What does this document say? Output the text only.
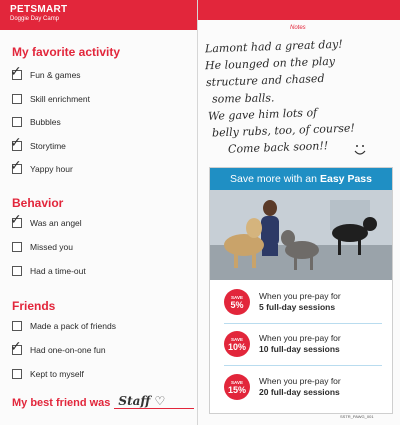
PETSMART
Doggie Day Camp
My favorite activity
✓ Fun & games
Skill enrichment
Bubbles
✓ Storytime
✓ Yappy hour
Behavior
✓ Was an angel
Missed you
Had a time-out
Friends
Made a pack of friends
✓ Had one-on-one fun
Kept to myself
My best friend was Staff ♡
Notes
Lamont had a great day!
He lounged on the play
structure and chased
some balls.
We gave him lots of
belly rubs, too, of course!
Come back soon!!
Save more with an Easy Pass
SAVE
5%
When you pre-pay for
5 full-day sessions
SAVE
10%
When you pre-pay for
10 full-day sessions
SAVE
15%
When you pre-pay for
20 full-day sessions
SSTR_PAWG_001
